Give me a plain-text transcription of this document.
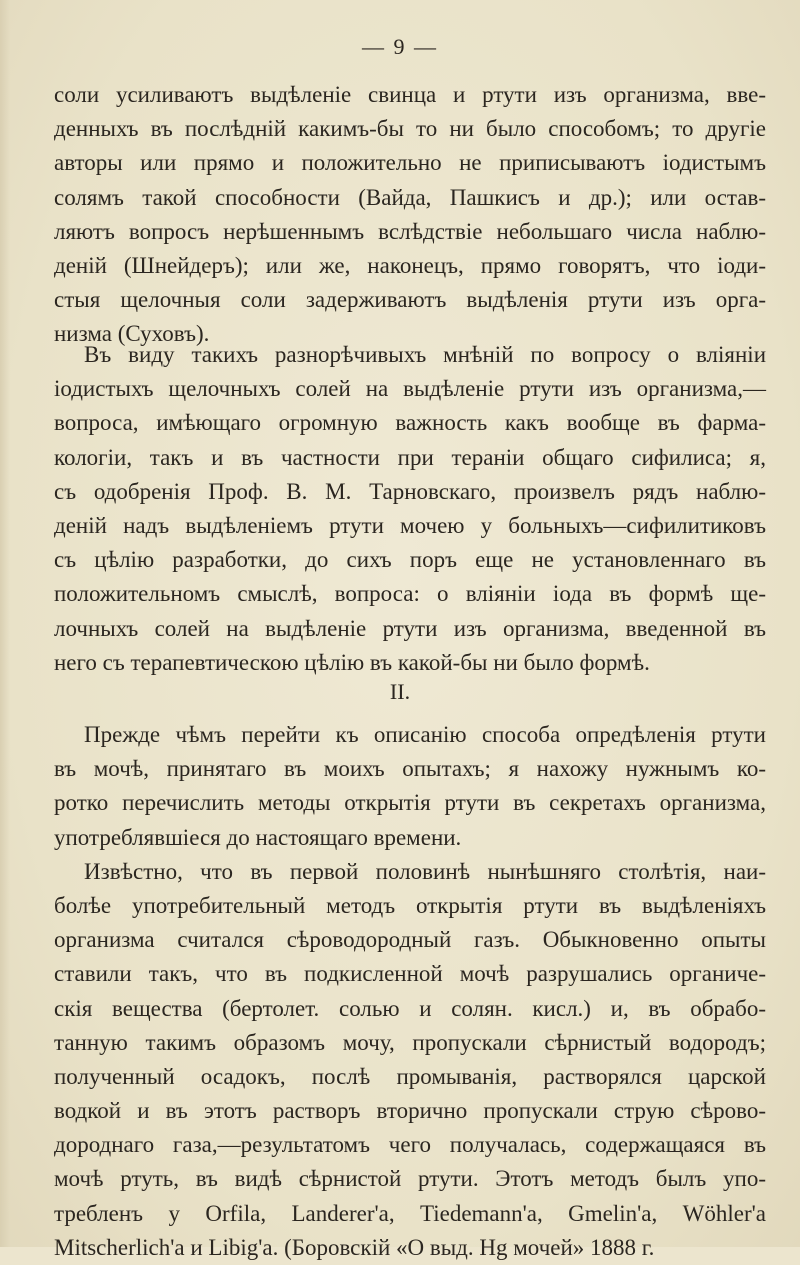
— 9 —
соли усиливаютъ выдѣленіе свинца и ртути изъ организма, вве-
денныхъ въ послѣдній какимъ-бы то ни было способомъ; то другіе
авторы или прямо и положительно не приписываютъ іодистымъ
солямъ такой способности (Вайда, Пашкисъ и др.); или остав-
ляютъ вопросъ нерѣшеннымъ вслѣдствіе небольшаго числа наблю-
деній (Шнейдеръ); или же, наконецъ, прямо говорятъ, что іоди-
стыя щелочныя соли задерживаютъ выдѣленія ртути изъ орга-
низма (Суховъ).
Въ виду такихъ разнорѣчивыхъ мнѣній по вопросу о вліяніи
іодистыхъ щелочныхъ солей на выдѣленіе ртути изъ организма,—
вопроса, имѣющаго огромную важность какъ вообще въ фарма-
кологіи, такъ и въ частности при тераніи общаго сифилиса; я,
съ одобренія Проф. В. М. Тарновскаго, произвелъ рядъ наблю-
деній надъ выдѣленіемъ ртути мочею у больныхъ—сифилитиковъ
съ цѣлію разработки, до сихъ поръ еще не установленнаго въ
положительномъ смыслѣ, вопроса: о вліяніи іода въ формѣ ще-
лочныхъ солей на выдѣленіе ртути изъ организма, введенной въ
него съ терапевтическою цѣлію въ какой-бы ни было формѣ.
II.
Прежде чѣмъ перейти къ описанію способа опредѣленія ртути
въ мочѣ, принятаго въ моихъ опытахъ; я нахожу нужнымъ ко-
ротко перечислить методы открытія ртути въ секретахъ организма,
употреблявшіеся до настоящаго времени.
Извѣстно, что въ первой половинѣ нынѣшняго столѣтія, наи-
болѣе употребительный методъ открытія ртути въ выдѣленіяхъ
организма считался сѣроводородный газъ. Обыкновенно опыты
ставили такъ, что въ подкисленной мочѣ разрушались органиче-
скія вещества (бертолет. солью и солян. кисл.) и, въ обрабо-
танную такимъ образомъ мочу, пропускали сѣрнистый водородъ;
полученный осадокъ, послѣ промыванія, растворялся царской
водкой и въ этотъ растворъ вторично пропускали струю сѣрово-
дороднаго газа,—результатомъ чего получалась, содержащаяся въ
мочѣ ртуть, въ видѣ сѣрнистой ртути. Этотъ методъ былъ упо-
требленъ у Orfila, Landerer'а, Tiedemann'а, Gmelin'а, Wöhler'а
Mitscherlich'а и Libig'а. (Боровскій «О выд. Hg мочей» 1888 г.
